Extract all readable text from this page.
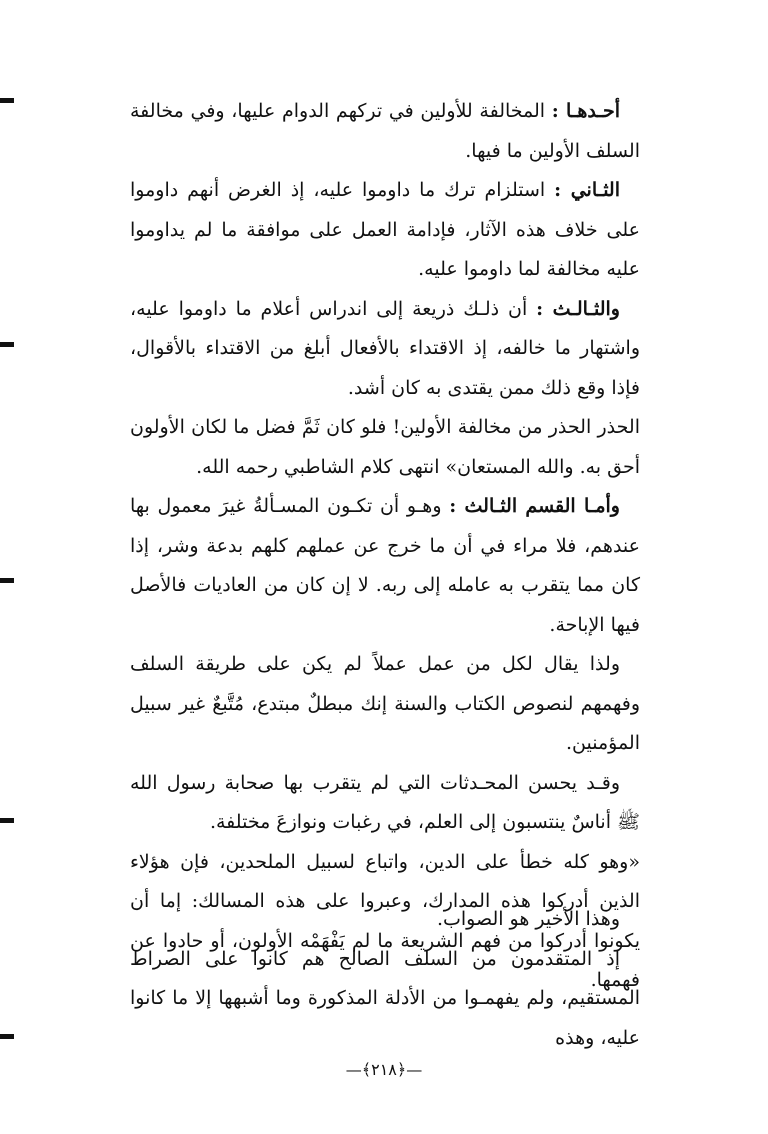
أحـدهـا : المخالفة للأولين في تركهم الدوام عليها، وفي مخالفة السلف الأولين ما فيها.

الثـاني : استلزام ترك ما داوموا عليه، إذ الغرض أنهم داوموا على خلاف هذه الآثار، فإدامة العمل على موافقة ما لم يداوموا عليه مخالفة لما داوموا عليه.

والثـالـث : أن ذلـك ذريعة إلى اندراس أعلام ما داوموا عليه، واشتهار ما خالفه، إذ الاقتداء بالأفعال أبلغ من الاقتداء بالأقوال، فإذا وقع ذلك ممن يقتدى به كان أشد.

الحذر الحذر من مخالفة الأولين! فلو كان ثَمَّ فضل ما لكان الأولون أحق به. والله المستعان» انتهى كلام الشاطبي رحمه الله.

وأمـا القسم الثـالث : وهـو أن تكـون المسـألةُ غيرَ معمول بها عندهم، فلا مراء في أن ما خرج عن عملهم كلهم بدعة وشر، إذا كان مما يتقرب به عامله إلى ربه. لا إن كان من العاديات فالأصل فيها الإباحة.

ولذا يقال لكل من عمل عملاً لم يكن على طريقة السلف وفهمهم لنصوص الكتاب والسنة إنك مبطلٌ مبتدع، مُتَّبعٌ غير سبيل المؤمنين.

وقـد يحسن المحـدثات التي لم يتقرب بها صحابة رسول الله ﷺ أناسٌ ينتسبون إلى العلم، في رغبات ونوازعَ مختلفة.

«وهو كله خطأ على الدين، واتباع لسبيل الملحدين، فإن هؤلاء الذين أدركوا هذه المدارك، وعبروا على هذه المسالك: إما أن يكونوا أدركوا من فهم الشريعة ما لم يَفْهَمْه الأولون، أو حادوا عن فهمها.

وهذا الأخير هو الصواب.

إذ المتقدمون من السلف الصالح هم كانوا على الصراط المستقيم، ولم يفهمـوا من الأدلة المذكورة وما أشبهها إلا ما كانوا عليه، وهذه

—﴿٢١٨﴾—
